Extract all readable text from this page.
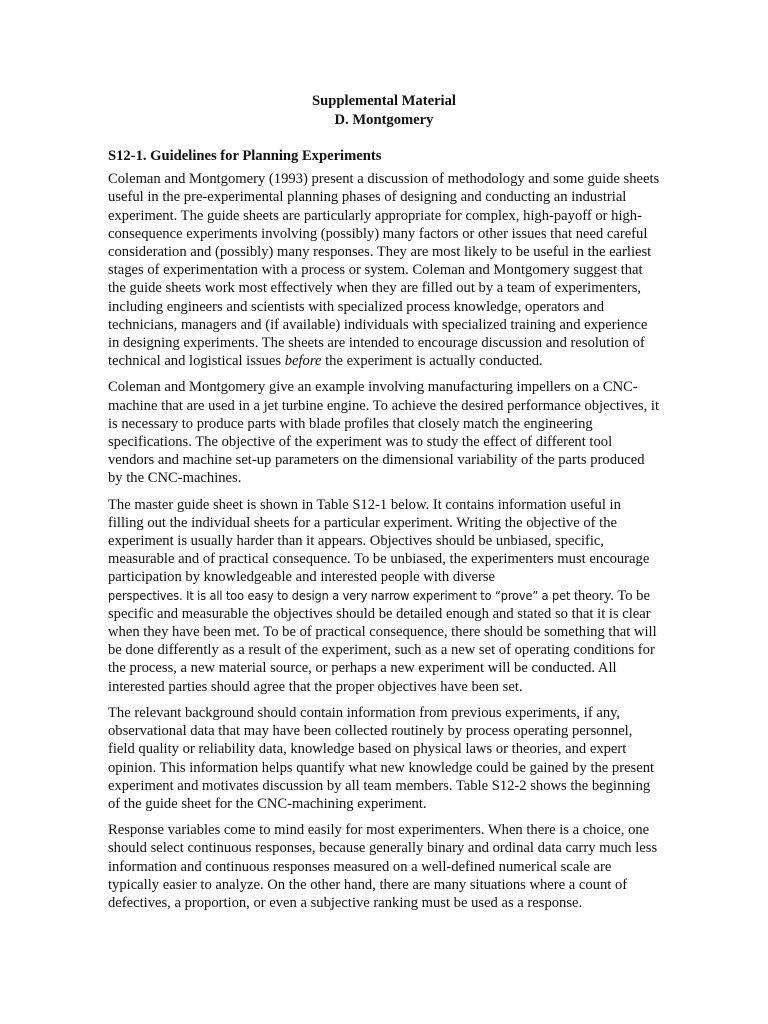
Supplemental Material
D. Montgomery
S12-1. Guidelines for Planning Experiments

Coleman and Montgomery (1993) present a discussion of methodology and some guide sheets useful in the pre-experimental planning phases of designing and conducting an industrial experiment. The guide sheets are particularly appropriate for complex, high-payoff or high-consequence experiments involving (possibly) many factors or other issues that need careful consideration and (possibly) many responses. They are most likely to be useful in the earliest stages of experimentation with a process or system. Coleman and Montgomery suggest that the guide sheets work most effectively when they are filled out by a team of experimenters, including engineers and scientists with specialized process knowledge, operators and technicians, managers and (if available) individuals with specialized training and experience in designing experiments. The sheets are intended to encourage discussion and resolution of technical and logistical issues before the experiment is actually conducted.

Coleman and Montgomery give an example involving manufacturing impellers on a CNC-machine that are used in a jet turbine engine. To achieve the desired performance objectives, it is necessary to produce parts with blade profiles that closely match the engineering specifications. The objective of the experiment was to study the effect of different tool vendors and machine set-up parameters on the dimensional variability of the parts produced by the CNC-machines.

The master guide sheet is shown in Table S12-1 below. It contains information useful in filling out the individual sheets for a particular experiment. Writing the objective of the experiment is usually harder than it appears. Objectives should be unbiased, specific, measurable and of practical consequence. To be unbiased, the experimenters must encourage participation by knowledgeable and interested people with diverse
perspectives. It is all too easy to design a very narrow experiment to “prove” a pet theory. To be specific and measurable the objectives should be detailed enough and stated so that it is clear when they have been met. To be of practical consequence, there should be something that will be done differently as a result of the experiment, such as a new set of operating conditions for the process, a new material source, or perhaps a new experiment will be conducted. All interested parties should agree that the proper objectives have been set.

The relevant background should contain information from previous experiments, if any, observational data that may have been collected routinely by process operating personnel, field quality or reliability data, knowledge based on physical laws or theories, and expert opinion. This information helps quantify what new knowledge could be gained by the present experiment and motivates discussion by all team members. Table S12-2 shows the beginning of the guide sheet for the CNC-machining experiment.

Response variables come to mind easily for most experimenters. When there is a choice, one should select continuous responses, because generally binary and ordinal data carry much less information and continuous responses measured on a well-defined numerical scale are typically easier to analyze. On the other hand, there are many situations where a count of defectives, a proportion, or even a subjective ranking must be used as a response.
